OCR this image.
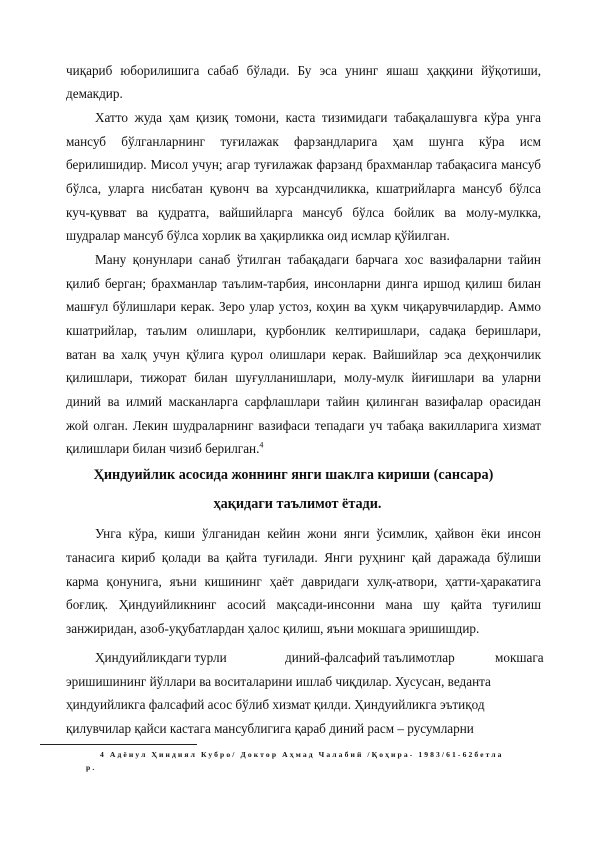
чиқариб юборилишига сабаб бўлади. Бу эса унинг яшаш ҳаққини йўқотиши,
демакдир.
Хатто жуда ҳам қизиқ томони, каста тизимидаги табақалашувга кўра унга
мансуб бўлганларнинг туғилажак фарзандларига ҳам шунга кўра исм
берилишидир. Мисол учун; агар туғилажак фарзанд брахманлар табақасига мансуб
бўлса, уларга нисбатан қувонч ва хурсандчиликка, кшатрийларга мансуб бўлса
куч-қувват ва қудратга, вайшийларга мансуб бўлса бойлик ва молу-мулкка,
шудралар мансуб бўлса хорлик ва ҳақирликка оид исмлар қўйилган.
Ману қонунлари санаб ўтилган табақадаги барчага хос вазифаларни тайин
қилиб берган; брахманлар таълим-тарбия, инсонларни динга иршод қилиш билан
машғул бўлишлари керак. Зеро улар устоз, коҳин ва ҳукм чиқарувчилардир. Аммо
кшатрийлар, таълим олишлари, қурбонлик келтиришлари, садақа беришлари,
ватан ва халқ учун қўлига қурол олишлари керак. Вайшийлар эса деҳқончилик
қилишлари, тижорат билан шуғулланишлари, молу-мулк йиғишлари ва уларни
диний ва илмий масканларга сарфлашлари тайин қилинган вазифалар орасидан
жой олган. Лекин шудраларнинг вазифаси тепадаги уч табақа вакилларига хизмат
қилишлари билан чизиб берилган.$^4$
Ҳиндуийлик асосида жоннинг янги шаклга кириши (сансара)
ҳақидаги таълимот ётади.
Унга кўра, киши ўлганидан кейин жони янги ўсимлик, ҳайвон ёки инсон
танасига кириб қолади ва қайта туғилади. Янги руҳнинг қай даражада бўлиши
карма қонунига, яъни кишининг ҳаёт давридаги хулқ-атвори, ҳатти-ҳаракатига
боғлиқ. Ҳиндуийликнинг асосий мақсади-инсонни мана шу қайта туғилиш
занжиридан, азоб-уқубатлардан ҳалос қилиш, яъни мокшага эришишдир.
Ҳиндуийликдаги турли	диний-фалсафий таълимотлар	мокшага
эришишининг йўллари ва воситаларини ишлаб чиқдилар. Хусусан, веданта
ҳиндуийликга фалсафий асос бўлиб хизмат қилди. Ҳиндуийликга эътиқод
қилувчилар қайси кастага мансублигига қараб диний расм – русумларни
4 Адёнул Ҳиндиял Кубро/ Доктор Аҳмад Чалабий /Қоҳира- 1983/61-62бетла
р.
